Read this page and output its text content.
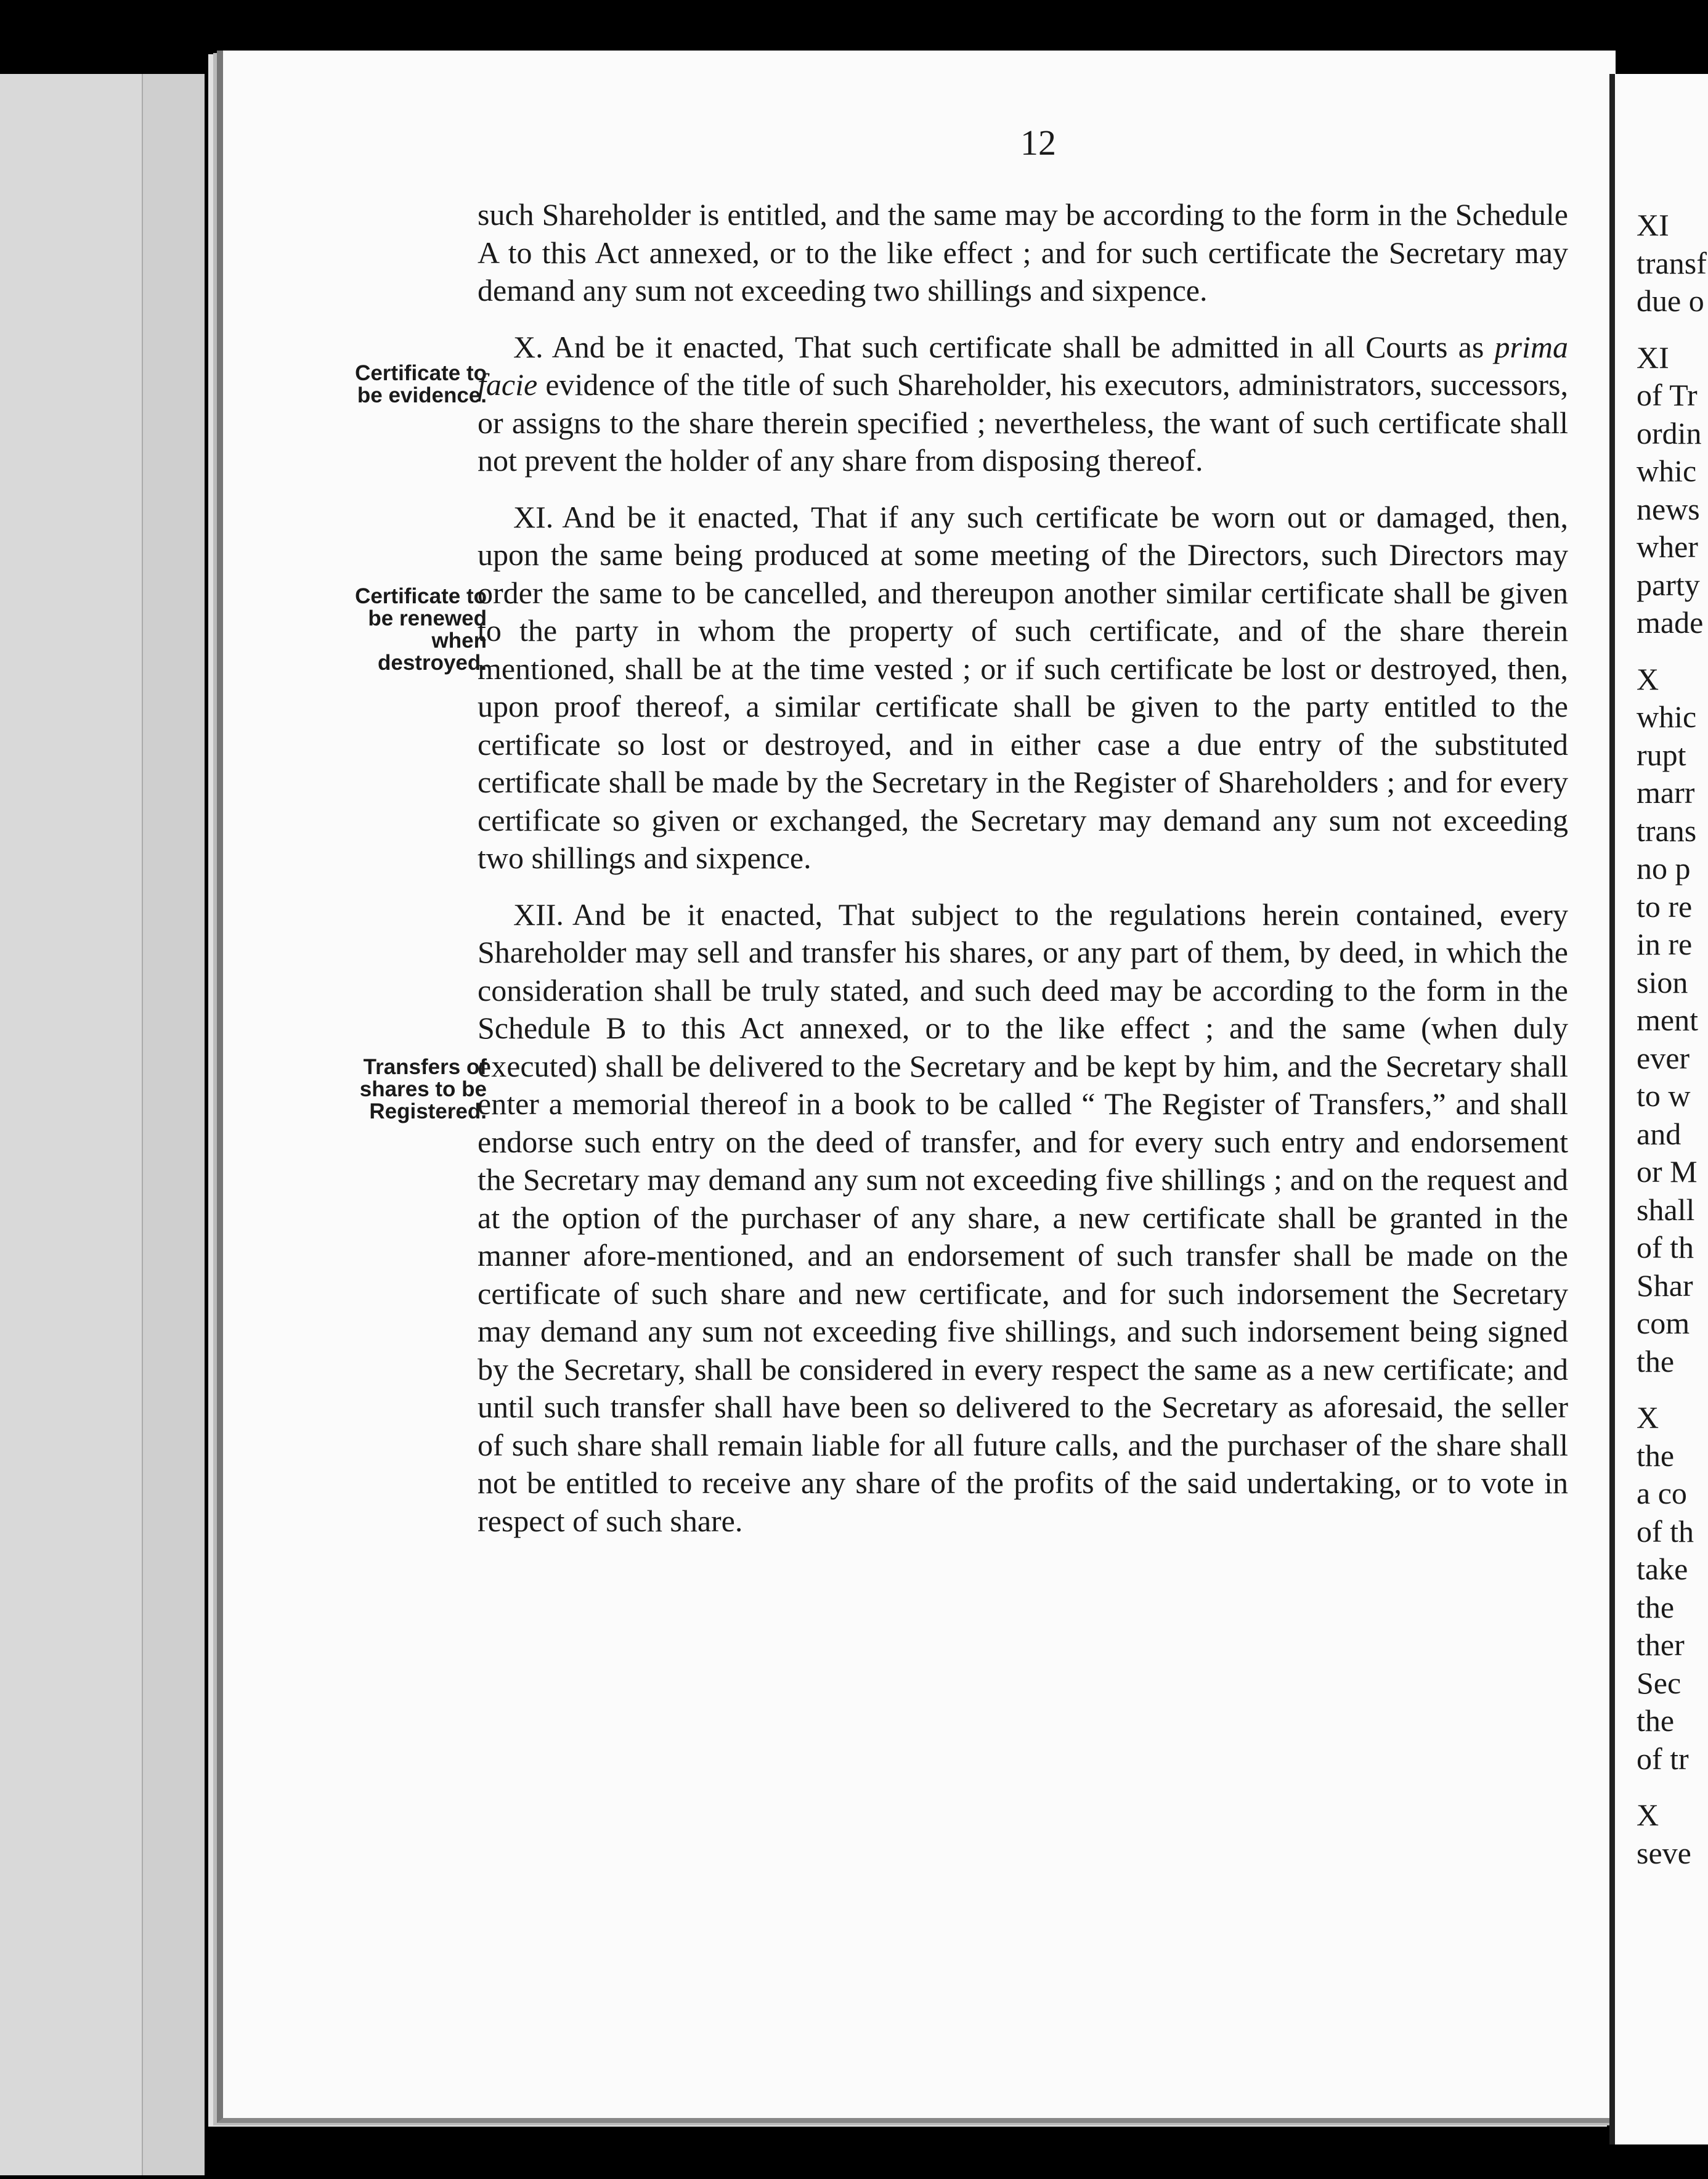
12
Certificate to be evidence.
Certificate to be renewed when destroyed.
Transfers of shares to be Registered.

such Shareholder is entitled, and the same may be according to the form in the Schedule A to this Act annexed, or to the like effect ; and for such certificate the Secretary may demand any sum not exceeding two shillings and sixpence.

X. And be it enacted, That such certificate shall be admitted in all Courts as prima facie evidence of the title of such Shareholder, his executors, administrators, successors, or assigns to the share therein specified ; nevertheless, the want of such certificate shall not prevent the holder of any share from disposing thereof.

XI. And be it enacted, That if any such certificate be worn out or damaged, then, upon the same being produced at some meeting of the Directors, such Directors may order the same to be cancelled, and thereupon another similar certificate shall be given to the party in whom the property of such certificate, and of the share therein mentioned, shall be at the time vested ; or if such certificate be lost or destroyed, then, upon proof thereof, a similar certificate shall be given to the party entitled to the certificate so lost or destroyed, and in either case a due entry of the substituted certificate shall be made by the Secretary in the Register of Shareholders ; and for every certificate so given or exchanged, the Secretary may demand any sum not exceeding two shillings and sixpence.

XII. And be it enacted, That subject to the regulations herein contained, every Shareholder may sell and transfer his shares, or any part of them, by deed, in which the consideration shall be truly stated, and such deed may be according to the form in the Schedule B to this Act annexed, or to the like effect ; and the same (when duly executed) shall be delivered to the Secretary and be kept by him, and the Secretary shall enter a memorial thereof in a book to be called “ The Register of Transfers,” and shall endorse such entry on the deed of transfer, and for every such entry and endorsement the Secretary may demand any sum not exceeding five shillings ; and on the request and at the option of the purchaser of any share, a new certificate shall be granted in the manner afore-mentioned, and an endorsement of such transfer shall be made on the certificate of such share and new certificate, and for such indorsement the Secretary may demand any sum not exceeding five shillings, and such indorsement being signed by the Secretary, shall be considered in every respect the same as a new certificate; and until such transfer shall have been so delivered to the Secretary as aforesaid, the seller of such share shall remain liable for all future calls, and the purchaser of the share shall not be entitled to receive any share of the profits of the said undertaking, or to vote in respect of such share.

XI
transf
due o
XI
of Tr
ordin
whic
news
wher
party
made
X
whic
rupt
marr
trans
no p
to re
in re
sion
ment
ever
to w
and
or M
shall
of th
Shar
com
the
X
the
a co
of th
take
the
ther
Sec
the
of tr
X
seve
